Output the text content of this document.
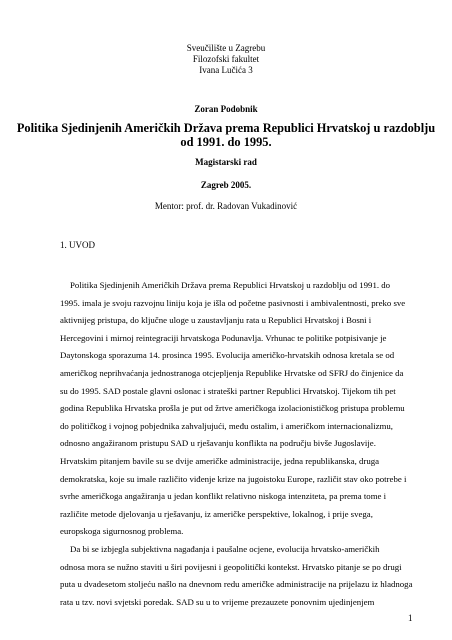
Sveučilište u Zagrebu
Filozofski fakultet
Ivana Lučića 3
Zoran Podobnik
Politika Sjedinjenih Američkih Država prema Republici Hrvatskoj u razdoblju
od 1991. do 1995.
Magistarski rad
Zagreb 2005.
Mentor: prof. dr. Radovan Vukadinović
1. UVOD
Politika Sjedinjenih Američkih Država prema Republici Hrvatskoj u razdoblju od 1991. do
1995. imala je svoju razvojnu liniju koja je išla od početne pasivnosti i ambivalentnosti, preko sve
aktivnijeg pristupa, do ključne uloge u zaustavljanju rata u Republici Hrvatskoj i Bosni i
Hercegovini i mirnoj reintegraciji hrvatskoga Podunavlja. Vrhunac te politike potpisivanje je
Daytonskoga sporazuma 14. prosinca 1995. Evolucija američko-hrvatskih odnosa kretala se od
američkog neprihvaćanja jednostranoga otcjepljenja Republike Hrvatske od SFRJ do činjenice da
su do 1995. SAD postale glavni oslonac i strateški partner Republici Hrvatskoj. Tijekom tih pet
godina Republika Hrvatska prošla je put od žrtve američkoga izolacionističkog pristupa problemu
do političkog i vojnog pobjednika zahvaljujući, među ostalim, i američkom internacionalizmu,
odnosno angažiranom pristupu SAD u rješavanju konflikta na području bivše Jugoslavije.
Hrvatskim pitanjem bavile su se dvije američke administracije, jedna republikanska, druga
demokratska, koje su imale različito viđenje krize na jugoistoku Europe, različit stav oko potrebe i
svrhe američkoga angažiranja u jedan konflikt relativno niskoga intenziteta, pa prema tome i
različite metode djelovanja u rješavanju, iz američke perspektive, lokalnog, i prije svega,
europskoga sigurnosnog problema.
Da bi se izbjegla subjektivna nagađanja i paušalne ocjene, evolucija hrvatsko-američkih
odnosa mora se nužno staviti u širi povijesni i geopolitički kontekst. Hrvatsko pitanje se po drugi
puta u dvadesetom stoljeću našlo na dnevnom redu američke administracije na prijelazu iz hladnoga
rata u tzv. novi svjetski poredak. SAD su u to vrijeme prezauzete ponovnim ujedinjenjem
1
